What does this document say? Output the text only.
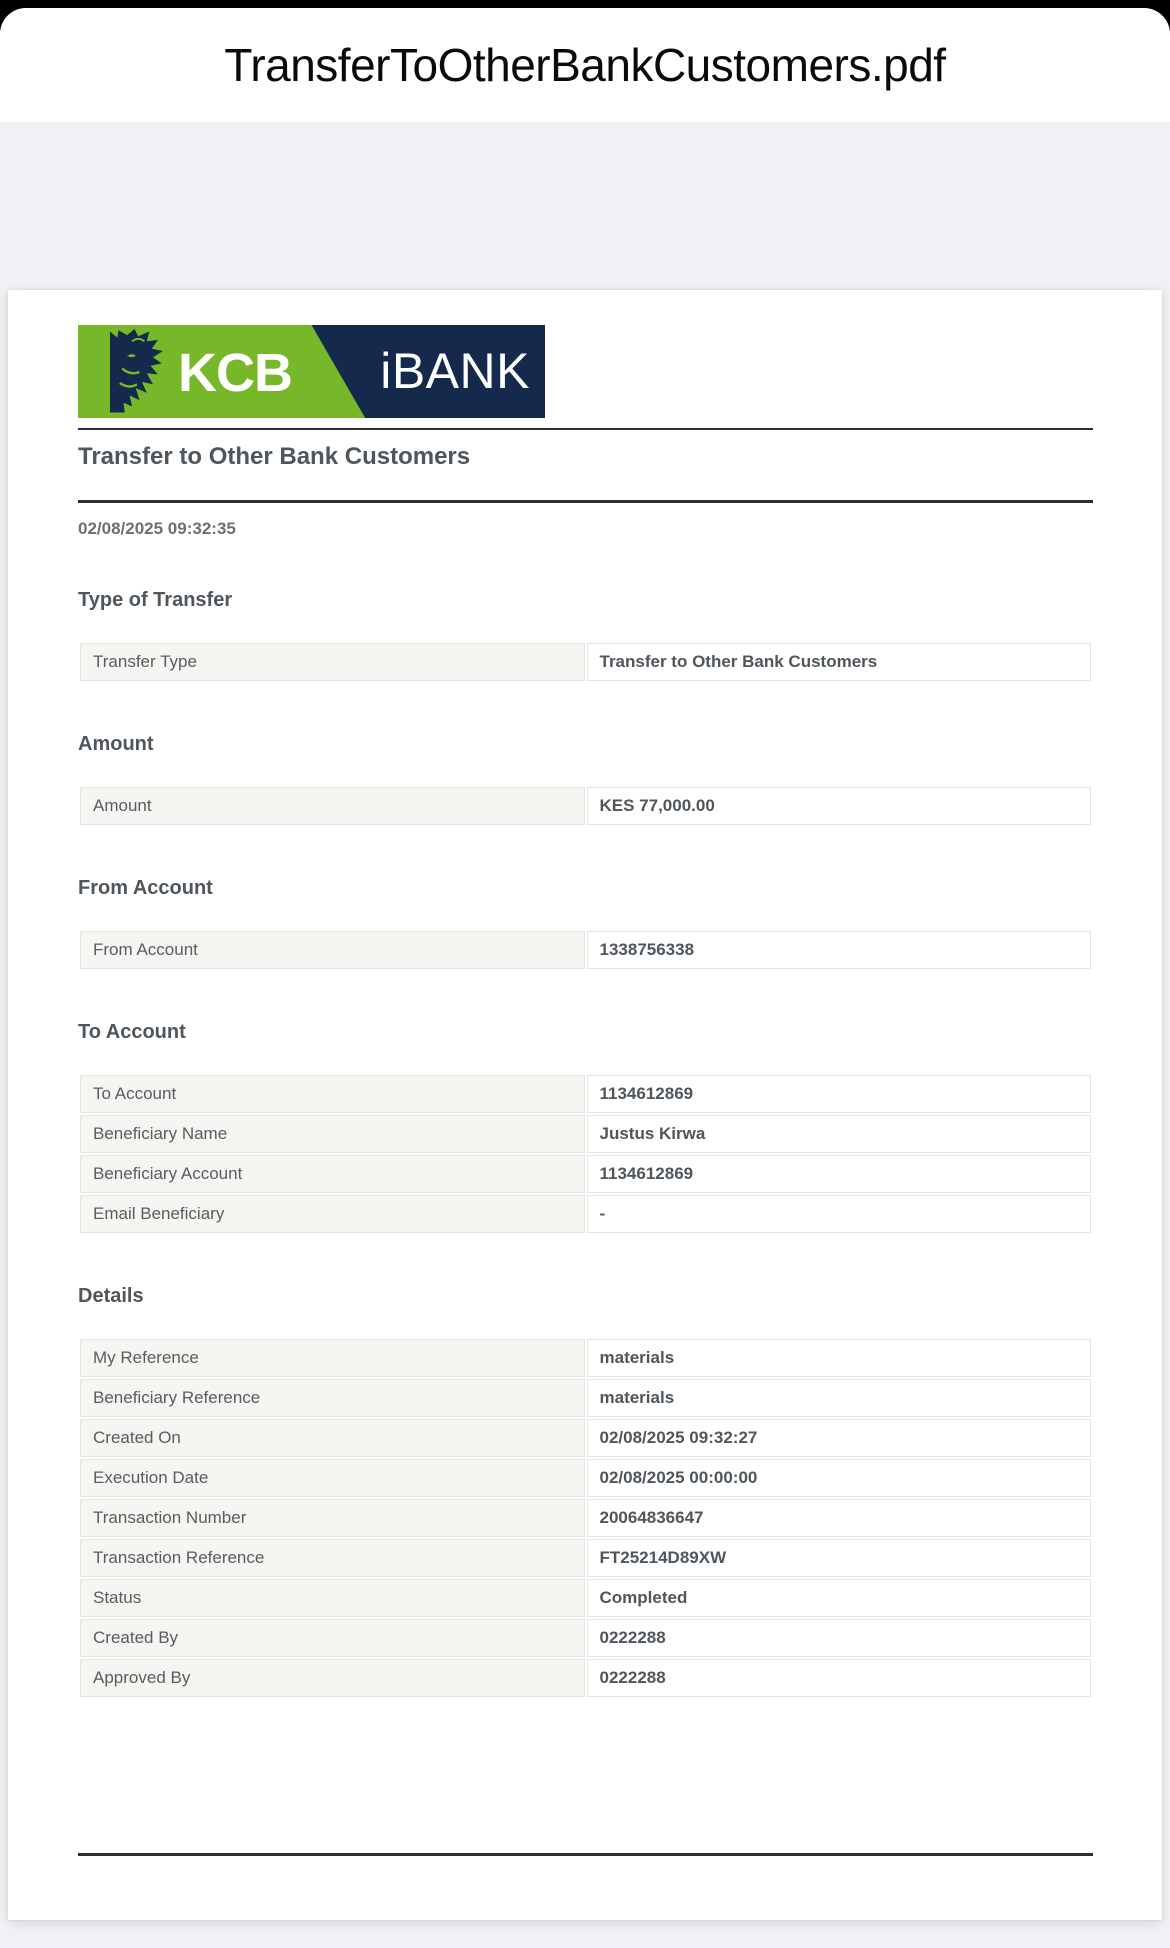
TransferToOtherBankCustomers.pdf
KCB iBANK
Transfer to Other Bank Customers
02/08/2025 09:32:35
Type of Transfer
Transfer Type	Transfer to Other Bank Customers
Amount
Amount	KES 77,000.00
From Account
From Account	1338756338
To Account
To Account	1134612869
Beneficiary Name	Justus Kirwa
Beneficiary Account	1134612869
Email Beneficiary	-
Details
My Reference	materials
Beneficiary Reference	materials
Created On	02/08/2025 09:32:27
Execution Date	02/08/2025 00:00:00
Transaction Number	20064836647
Transaction Reference	FT25214D89XW
Status	Completed
Created By	0222288
Approved By	0222288
